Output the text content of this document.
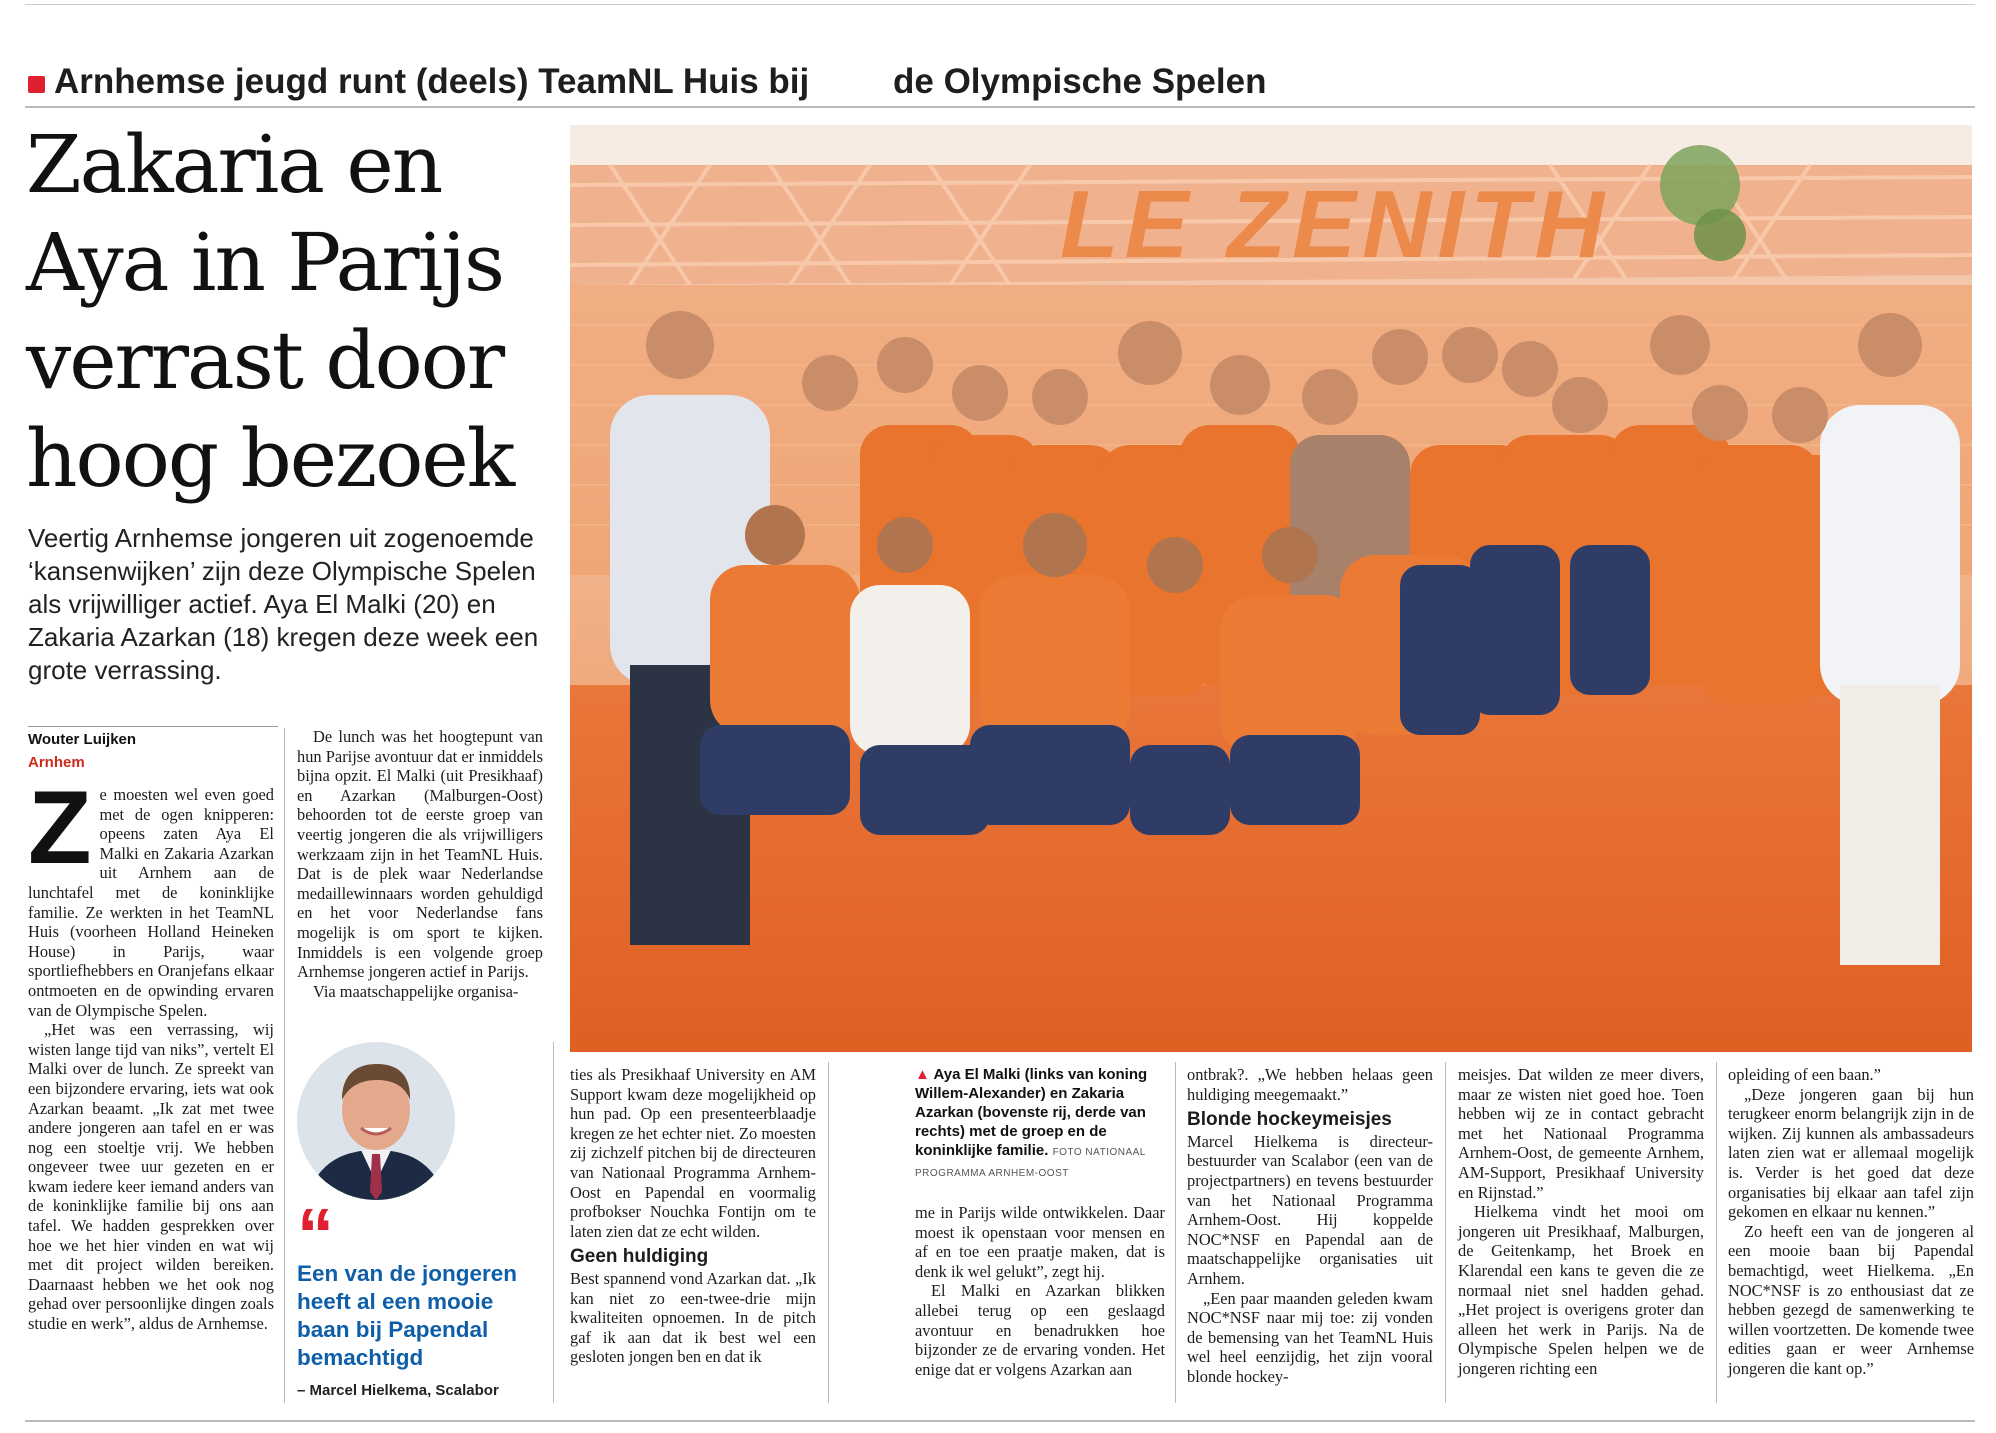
Arnhemse jeugd runt (deels) TeamNL Huis bij de Olympische Spelen
Zakaria en
Aya in Parijs
verrast door
hoog bezoek
Veertig Arnhemse jongeren uit zogenoemde ‘kansenwijken’ zijn deze Olympische Spelen als vrijwilliger actief. Aya El Malki (20) en Zakaria Azarkan (18) kregen deze week een grote verrassing.
Wouter Luijken
Arnhem
Z e moesten wel even goed met de ogen knipperen: opeens zaten Aya El Malki en Zakaria Azarkan uit Arnhem aan de lunchtafel met de koninklijke familie. Ze werkten in het TeamNL Huis (voorheen Holland Heineken House) in Parijs, waar sportliefhebbers en Oranjefans elkaar ontmoeten en de opwinding ervaren van de Olympische Spelen.

„Het was een verrassing, wij wisten lange tijd van niks”, vertelt El Malki over de lunch. Ze spreekt van een bijzondere ervaring, iets wat ook Azarkan beaamt. „Ik zat met twee andere jongeren aan tafel en er was nog een stoeltje vrij. We hebben ongeveer twee uur gezeten en er kwam iedere keer iemand anders van de koninklijke familie bij ons aan tafel. We hadden gesprekken over hoe we het hier vinden en wat wij met dit project wilden bereiken. Daarnaast hebben we het ook nog gehad over persoonlijke dingen zoals studie en werk”, aldus de Arnhemse.

De lunch was het hoogtepunt van hun Parijse avontuur dat er inmiddels bijna opzit. El Malki (uit Presikhaaf) en Azarkan (Malburgen-Oost) behoorden tot de eerste groep van veertig jongeren die als vrijwilligers werkzaam zijn in het TeamNL Huis. Dat is de plek waar Nederlandse medaillewinnaars worden gehuldigd en het voor Nederlandse fans mogelijk is om sport te kijken. Inmiddels is een volgende groep Arnhemse jongeren actief in Parijs.

Via maatschappelijke organisa-

“
Een van de jongeren heeft al een mooie baan bij Papendal bemachtigd
– Marcel Hielkema, Scalabor
LE ZENITH
▲ Aya El Malki (links van koning Willem-Alexander) en Zakaria Azarkan (bovenste rij, derde van rechts) met de groep en de koninklijke familie. FOTO NATIONAAL PROGRAMMA ARNHEM-OOST

ties als Presikhaaf University en AM Support kwam deze mogelijkheid op hun pad. Op een presenteerblaadje kregen ze het echter niet. Zo moesten zij zichzelf pitchen bij de directeuren van Nationaal Programma Arnhem-Oost en Papendal en voormalig profbokser Nouchka Fontijn om te laten zien dat ze echt wilden.

Geen huldiging

Best spannend vond Azarkan dat. „Ik kan niet zo een-twee-drie mijn kwaliteiten opnoemen. In de pitch gaf ik aan dat ik best wel een gesloten jongen ben en dat ik

me in Parijs wilde ontwikkelen. Daar moest ik openstaan voor mensen en af en toe een praatje maken, dat is denk ik wel gelukt”, zegt hij.

El Malki en Azarkan blikken allebei terug op een geslaagd avontuur en benadrukken hoe bijzonder ze de ervaring vonden. Het enige dat er volgens Azarkan aan

ontbrak?. „We hebben helaas geen huldiging meegemaakt.”

Blonde hockeymeisjes

Marcel Hielkema is directeur-bestuurder van Scalabor (een van de projectpartners) en tevens bestuurder van het Nationaal Programma Arnhem-Oost. Hij koppelde NOC*NSF en Papendal aan de maatschappelijke organisaties uit Arnhem.

„Een paar maanden geleden kwam NOC*NSF naar mij toe: zij vonden de bemensing van het TeamNL Huis wel heel eenzijdig, het zijn vooral blonde hockey-

meisjes. Dat wilden ze meer divers, maar ze wisten niet goed hoe. Toen hebben wij ze in contact gebracht met het Nationaal Programma Arnhem-Oost, de gemeente Arnhem, AM-Support, Presikhaaf University en Rijnstad.”

Hielkema vindt het mooi om jongeren uit Presikhaaf, Malburgen, de Geitenkamp, het Broek en Klarendal een kans te geven die ze normaal niet snel hadden gehad. „Het project is overigens groter dan alleen het werk in Parijs. Na de Olympische Spelen helpen we de jongeren richting een

opleiding of een baan.”

„Deze jongeren gaan bij hun terugkeer enorm belangrijk zijn in de wijken. Zij kunnen als ambassadeurs laten zien wat er allemaal mogelijk is. Verder is het goed dat deze organisaties bij elkaar aan tafel zijn gekomen en elkaar nu kennen.”

Zo heeft een van de jongeren al een mooie baan bij Papendal bemachtigd, weet Hielkema. „En NOC*NSF is zo enthousiast dat ze hebben gezegd de samenwerking te willen voortzetten. De komende twee edities gaan er weer Arnhemse jongeren die kant op.”
